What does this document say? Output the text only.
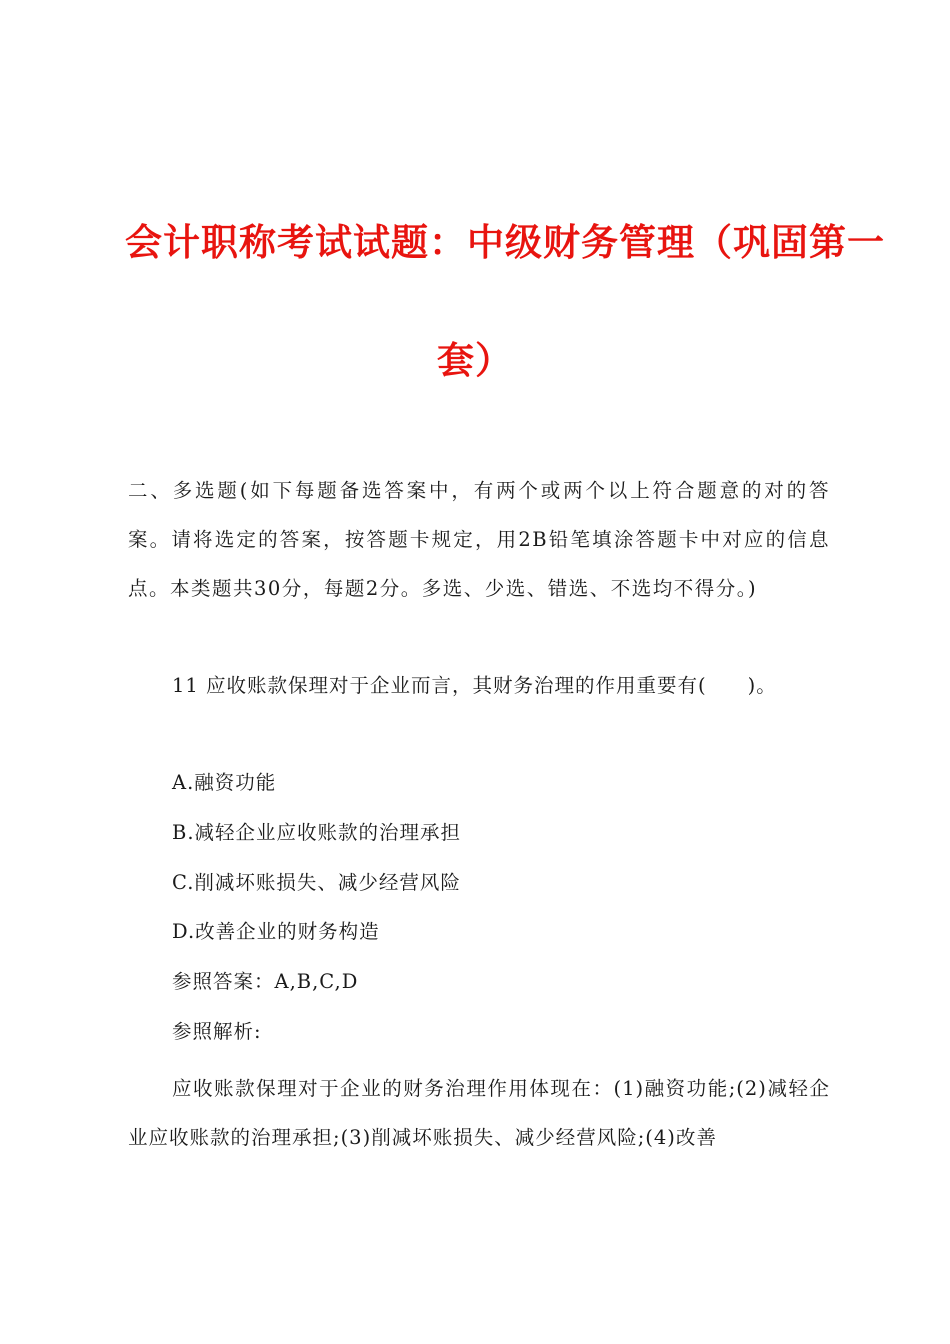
会计职称考试试题：中级财务管理（巩固第一
套）

二、多选题(如下每题备选答案中，有两个或两个以上符合题意的对的答案。请将选定的答案，按答题卡规定，用2B铅笔填涂答题卡中对应的信息点。本类题共30分，每题2分。多选、少选、错选、不选均不得分。)

11 应收账款保理对于企业而言，其财务治理的作用重要有(　　)。

A.融资功能

B.减轻企业应收账款的治理承担

C.削减坏账损失、减少经营风险

D.改善企业的财务构造

参照答案：A,B,C,D

参照解析:

应收账款保理对于企业的财务治理作用体现在：(1)融资功能;(2)减轻企业应收账款的治理承担;(3)削减坏账损失、减少经营风险;(4)改善
